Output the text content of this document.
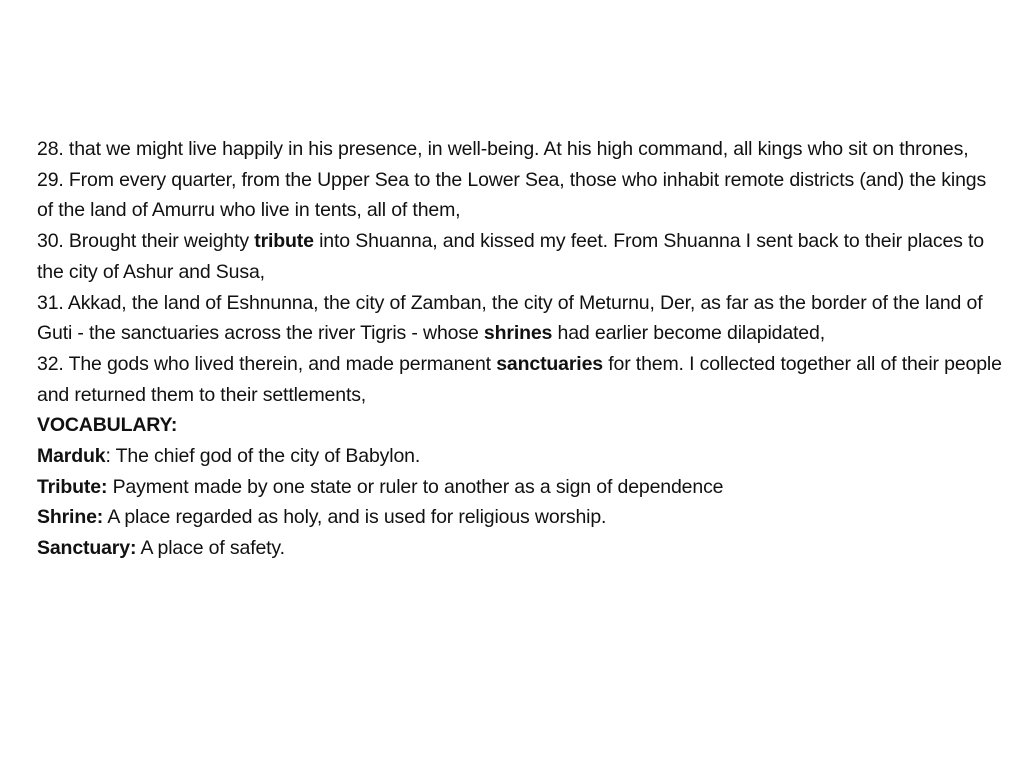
28. that we might live happily in his presence, in well-being. At his high command, all kings who sit on thrones,

29. From every quarter, from the Upper Sea to the Lower Sea, those who inhabit remote districts (and) the kings of the land of Amurru who live in tents, all of them,

30. Brought their weighty tribute into Shuanna, and kissed my feet. From Shuanna I sent back to their places to the city of Ashur and Susa,

31. Akkad, the land of Eshnunna, the city of Zamban, the city of Meturnu, Der, as far as the border of the land of Guti - the sanctuaries across the river Tigris - whose shrines had earlier become dilapidated,

32. The gods who lived therein, and made permanent sanctuaries for them. I collected together all of their people and returned them to their settlements,

VOCABULARY:

Marduk: The chief god of the city of Babylon.

Tribute: Payment made by one state or ruler to another as a sign of dependence

Shrine: A place regarded as holy, and is used for religious worship.

Sanctuary: A place of safety.
